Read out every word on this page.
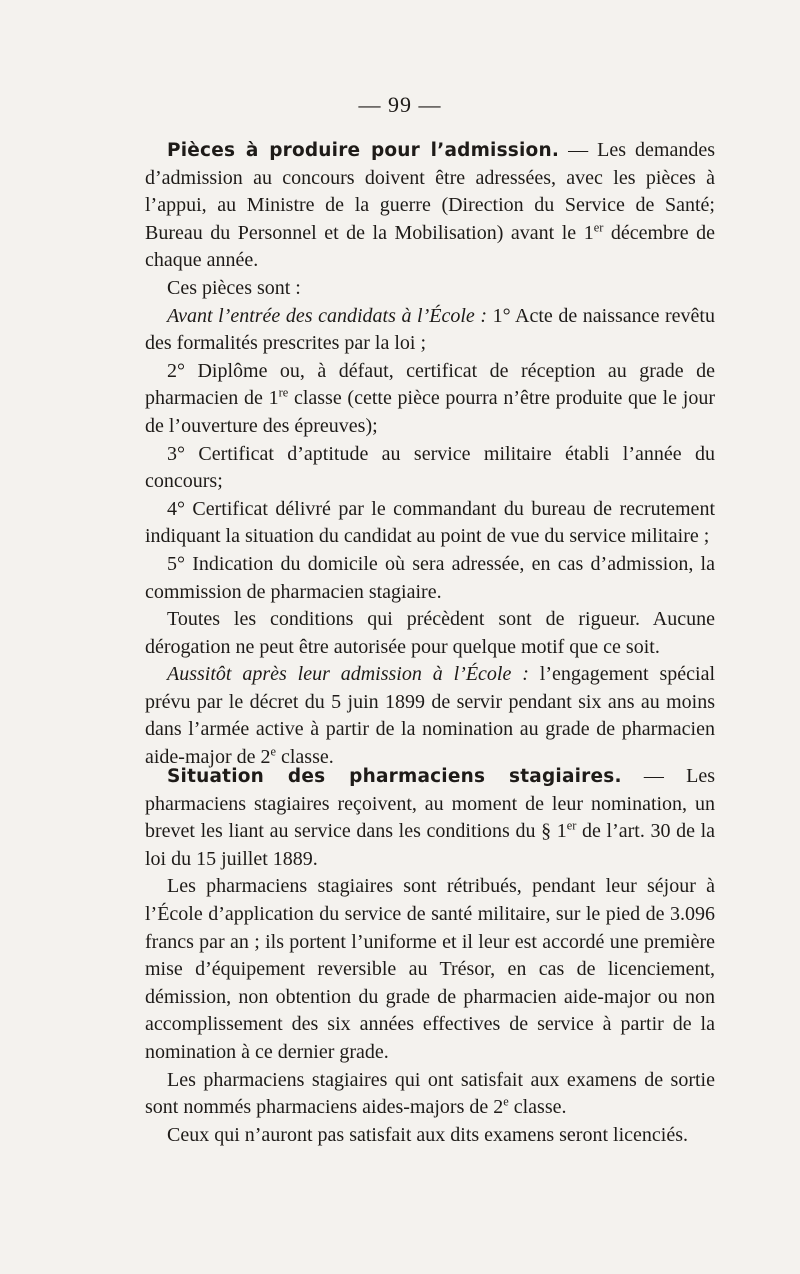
— 99 —

Pièces à produire pour l’admission. — Les demandes d’admission au concours doivent être adressées, avec les pièces à l’appui, au Ministre de la guerre (Direction du Service de Santé; Bureau du Personnel et de la Mobilisation) avant le 1er décembre de chaque année.

Ces pièces sont :

Avant l’entrée des candidats à l’École : 1° Acte de naissance revêtu des formalités prescrites par la loi ;

2° Diplôme ou, à défaut, certificat de réception au grade de pharmacien de 1re classe (cette pièce pourra n’être produite que le jour de l’ouverture des épreuves);

3° Certificat d’aptitude au service militaire établi l’année du concours;

4° Certificat délivré par le commandant du bureau de recrutement indiquant la situation du candidat au point de vue du service militaire ;

5° Indication du domicile où sera adressée, en cas d’admission, la commission de pharmacien stagiaire.

Toutes les conditions qui précèdent sont de rigueur. Aucune dérogation ne peut être autorisée pour quelque motif que ce soit.

Aussitôt après leur admission à l’École : l’engagement spécial prévu par le décret du 5 juin 1899 de servir pendant six ans au moins dans l’armée active à partir de la nomination au grade de pharmacien aide-major de 2e classe.

Situation des pharmaciens stagiaires. — Les pharmaciens stagiaires reçoivent, au moment de leur nomination, un brevet les liant au service dans les conditions du § 1er de l’art. 30 de la loi du 15 juillet 1889.

Les pharmaciens stagiaires sont rétribués, pendant leur séjour à l’École d’application du service de santé militaire, sur le pied de 3.096 francs par an ; ils portent l’uniforme et il leur est accordé une première mise d’équipement reversible au Trésor, en cas de licenciement, démission, non obtention du grade de pharmacien aide-major ou non accomplissement des six années effectives de service à partir de la nomination à ce dernier grade.

Les pharmaciens stagiaires qui ont satisfait aux examens de sortie sont nommés pharmaciens aides-majors de 2e classe.

Ceux qui n’auront pas satisfait aux dits examens seront licenciés.
